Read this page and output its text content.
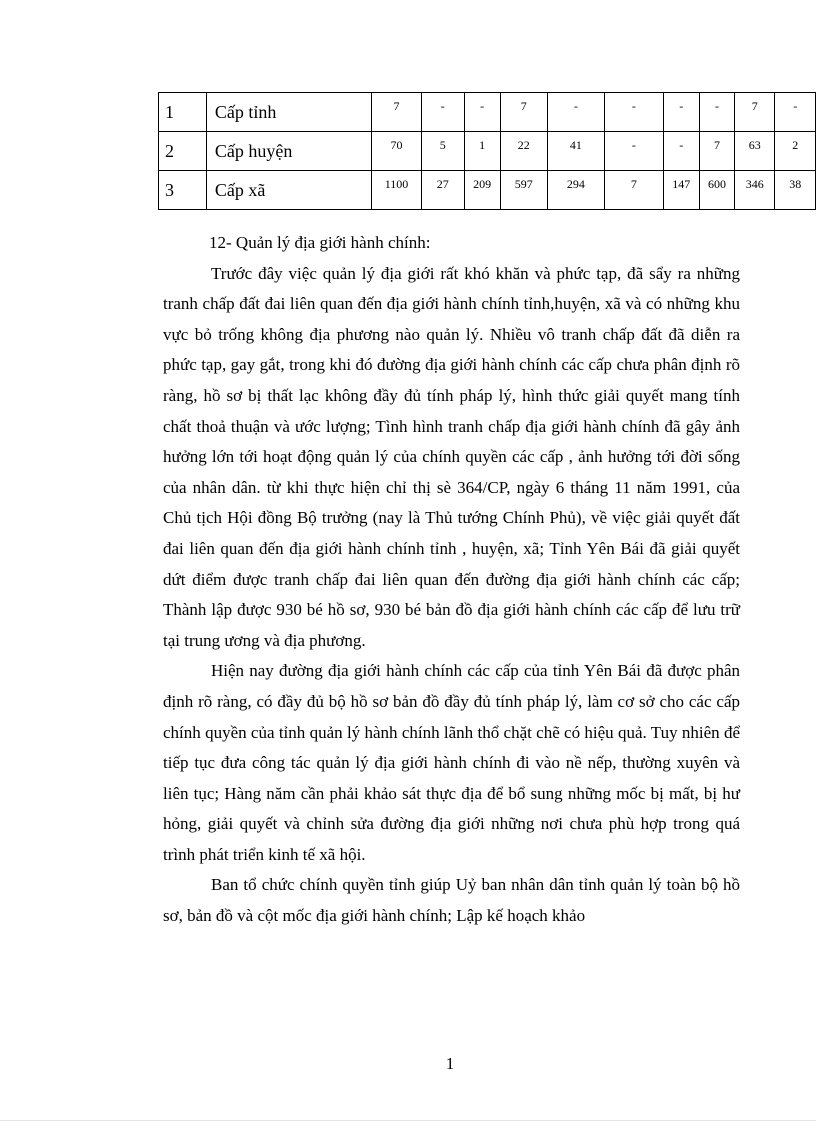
1	Cấp tỉnh	7	-	-	7	-	-	-	-	7	-
2	Cấp huyện	70	5	1	22	41	-	-	7	63	2
3	Cấp xã	1100	27	209	597	294	7	147	600	346	38

12- Quản lý địa giới hành chính:

Trước đây việc quản lý địa giới rất khó khăn và phức tạp, đã sẩy ra những tranh chấp đất đai liên quan đến địa giới hành chính tỉnh,huyện, xã và có những khu vực bỏ trống không địa phương nào quản lý. Nhiều vô tranh chấp đất đã diễn ra phức tạp, gay gắt, trong khi đó đường địa giới hành chính các cấp chưa phân định rõ ràng, hồ sơ bị thất lạc không đầy đủ tính pháp lý, hình thức giải quyết mang tính chất thoả thuận và ước lượng; Tình hình tranh chấp địa giới hành chính đã gây ảnh hưởng lớn tới hoạt động quản lý của chính quyền các cấp , ảnh hưởng tới đời sống của nhân dân. từ khi thực hiện chỉ thị sè 364/CP, ngày 6 tháng 11 năm 1991, của Chủ tịch Hội đồng Bộ trưởng (nay là Thủ tướng Chính Phủ), về việc giải quyết đất đai liên quan đến địa giới hành chính tỉnh , huyện, xã; Tỉnh Yên Bái đã giải quyết dứt điểm được tranh chấp đai liên quan đến đường địa giới hành chính các cấp; Thành lập được 930 bé hồ sơ, 930 bé bản đồ địa giới hành chính các cấp để lưu trữ tại trung ương và địa phương.

Hiện nay đường địa giới hành chính các cấp của tỉnh Yên Bái đã được phân định rõ ràng, có đầy đủ bộ hồ sơ bản đồ đầy đủ tính pháp lý, làm cơ sở cho các cấp chính quyền của tỉnh quản lý hành chính lãnh thổ chặt chẽ có hiệu quả. Tuy nhiên để tiếp tục đưa công tác quản lý địa giới hành chính đi vào nề nếp, thường xuyên và liên tục; Hàng năm cần phải khảo sát thực địa để bổ sung những mốc bị mất, bị hư hỏng, giải quyết và chỉnh sửa đường địa giới những nơi chưa phù hợp trong quá trình phát triển kinh tế xã hội.

Ban tổ chức chính quyền tỉnh giúp Uỷ ban nhân dân tỉnh quản lý toàn bộ hồ sơ, bản đồ và cột mốc địa giới hành chính; Lập kế hoạch khảo

1
